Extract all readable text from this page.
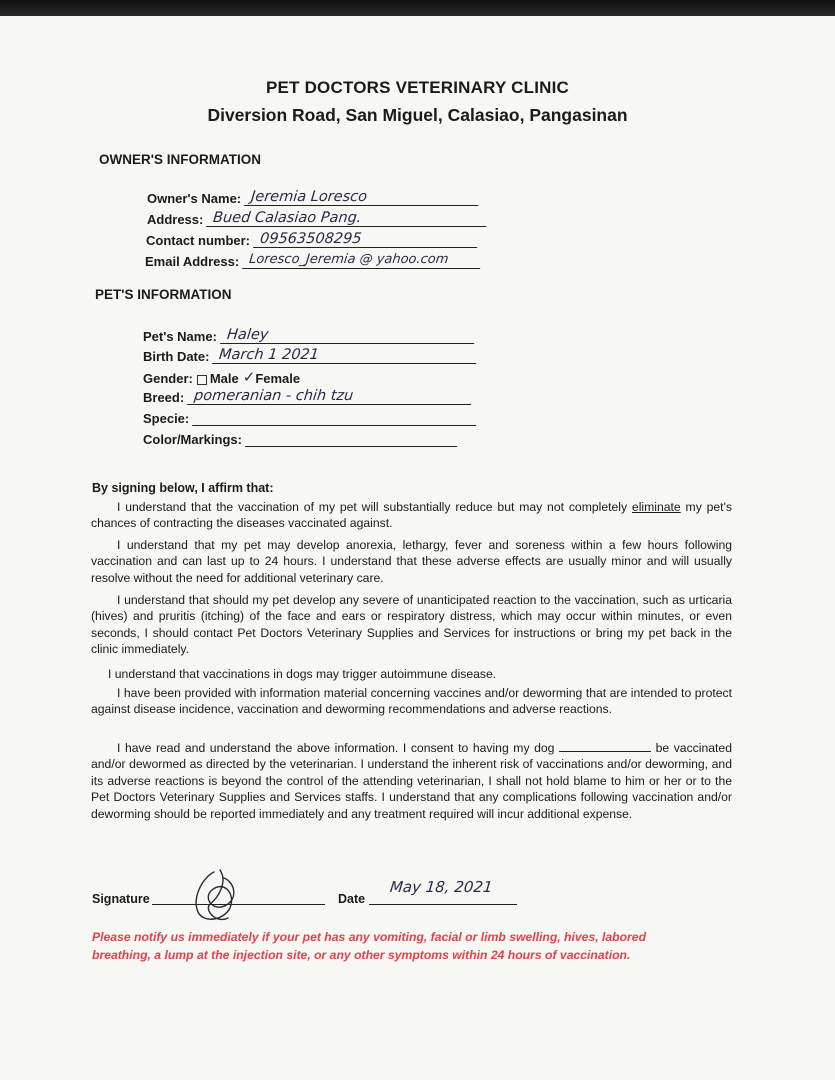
PET DOCTORS VETERINARY CLINIC
Diversion Road, San Miguel, Calasiao, Pangasinan
OWNER'S INFORMATION
Owner's Name: Jeremia Loresco
Address: Bued Calasiao Pang.
Contact number: 09563508295
Email Address: Loresco_Jeremia @ yahoo.com
PET'S INFORMATION
Pet's Name: Haley
Birth Date: March 1 2021
Gender: Male ✓ Female
Breed: pomeranian - chih tzu
Specie:
Color/Markings:
By signing below, I affirm that:
I understand that the vaccination of my pet will substantially reduce but may not completely eliminate my pet's chances of contracting the diseases vaccinated against.
I understand that my pet may develop anorexia, lethargy, fever and soreness within a few hours following vaccination and can last up to 24 hours. I understand that these adverse effects are usually minor and will usually resolve without the need for additional veterinary care.
I understand that should my pet develop any severe of unanticipated reaction to the vaccination, such as urticaria (hives) and pruritis (itching) of the face and ears or respiratory distress, which may occur within minutes, or even seconds, I should contact Pet Doctors Veterinary Supplies and Services for instructions or bring my pet back in the clinic immediately.
I understand that vaccinations in dogs may trigger autoimmune disease.
I have been provided with information material concerning vaccines and/or deworming that are intended to protect against disease incidence, vaccination and deworming recommendations and adverse reactions.
I have read and understand the above information. I consent to having my dog	be vaccinated and/or dewormed as directed by the veterinarian. I understand the inherent risk of vaccinations and/or deworming, and its adverse reactions is beyond the control of the attending veterinarian, I shall not hold blame to him or her or to the Pet Doctors Veterinary Supplies and Services staffs. I understand that any complications following vaccination and/or deworming should be reported immediately and any treatment required will incur additional expense.
Signature	Date
May 18, 2021
Please notify us immediately if your pet has any vomiting, facial or limb swelling, hives, labored breathing, a lump at the injection site, or any other symptoms within 24 hours of vaccination.
